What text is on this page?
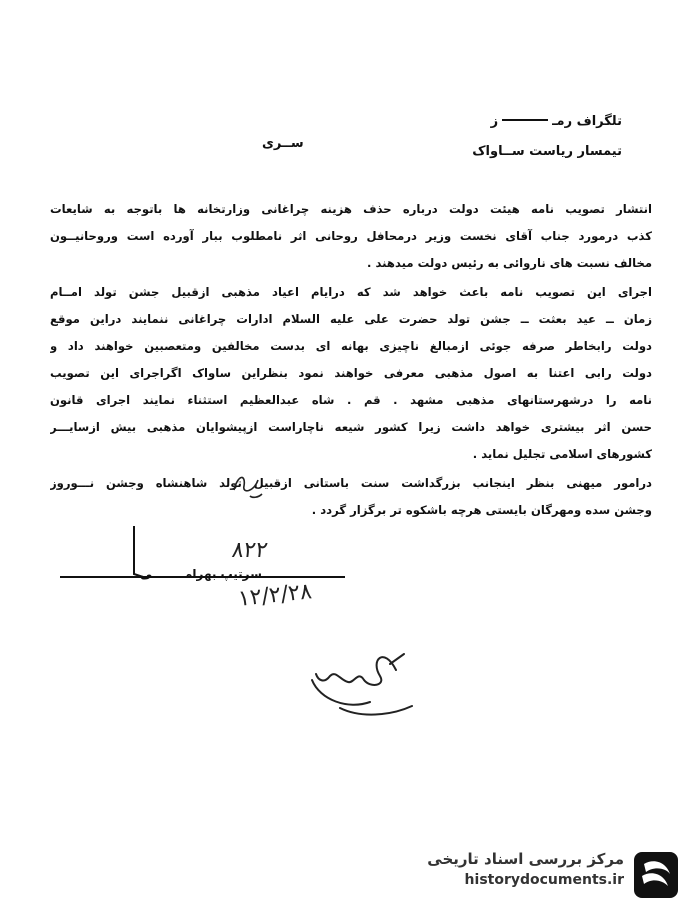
تلگراف رمـز
تیمسار ریاست ســاواک
ســری
انتشار تصویب نامه هیئت دولت درباره حذف هزینه چراغانی وزارتخانه ها باتوجه به شایعات
کذب درمورد جناب آقای نخست وزیر درمحافل روحانی اثر نامطلوب ببار آورده است وروحانیــون
مخالف نسبت های ناروائی به رئیس دولت میدهند .
اجرای این تصویب نامه باعث خواهد شد که درایام اعیاد مذهبی ازقبیل جشن تولد امــام
زمان ــ عید بعثت ــ جشن تولد حضرت علی علیه السلام ادارات چراغانی ننمایند دراین موقع
دولت رابخاطر صرفه جوئی ازمبالغ ناچیزی بهانه ای بدست مخالفین ومتعصبین خواهند داد و
دولت رابی اعتنا به اصول مذهبی معرفی خواهند نمود بنظراین ساواک اگراجرای این تصویب
نامه را درشهرستانهای مذهبی مشهد . قم . شاه عبدالعظیم استثناء نمایند اجرای قانون
حسن اثر بیشتری خواهد داشت زیرا کشور شیعه ناچاراست ازپیشوایان مذهبی بیش ازسایـــر
کشورهای اسلامی تجلیل نماید .
درامور میهنی بنظر اینجانب بزرگداشت سنت باستانی ازقبیل تولد شاهنشاه وجشن نـــوروز
وجشن سده ومهرگان بایستی هرچه باشکوه تر برگزار گردد .
سرتیپ بهرامــــــــی
۸۲۲
۱۲/۲/۲۸
مرکز بررسی اسناد تاریخی
historydocuments.ir
